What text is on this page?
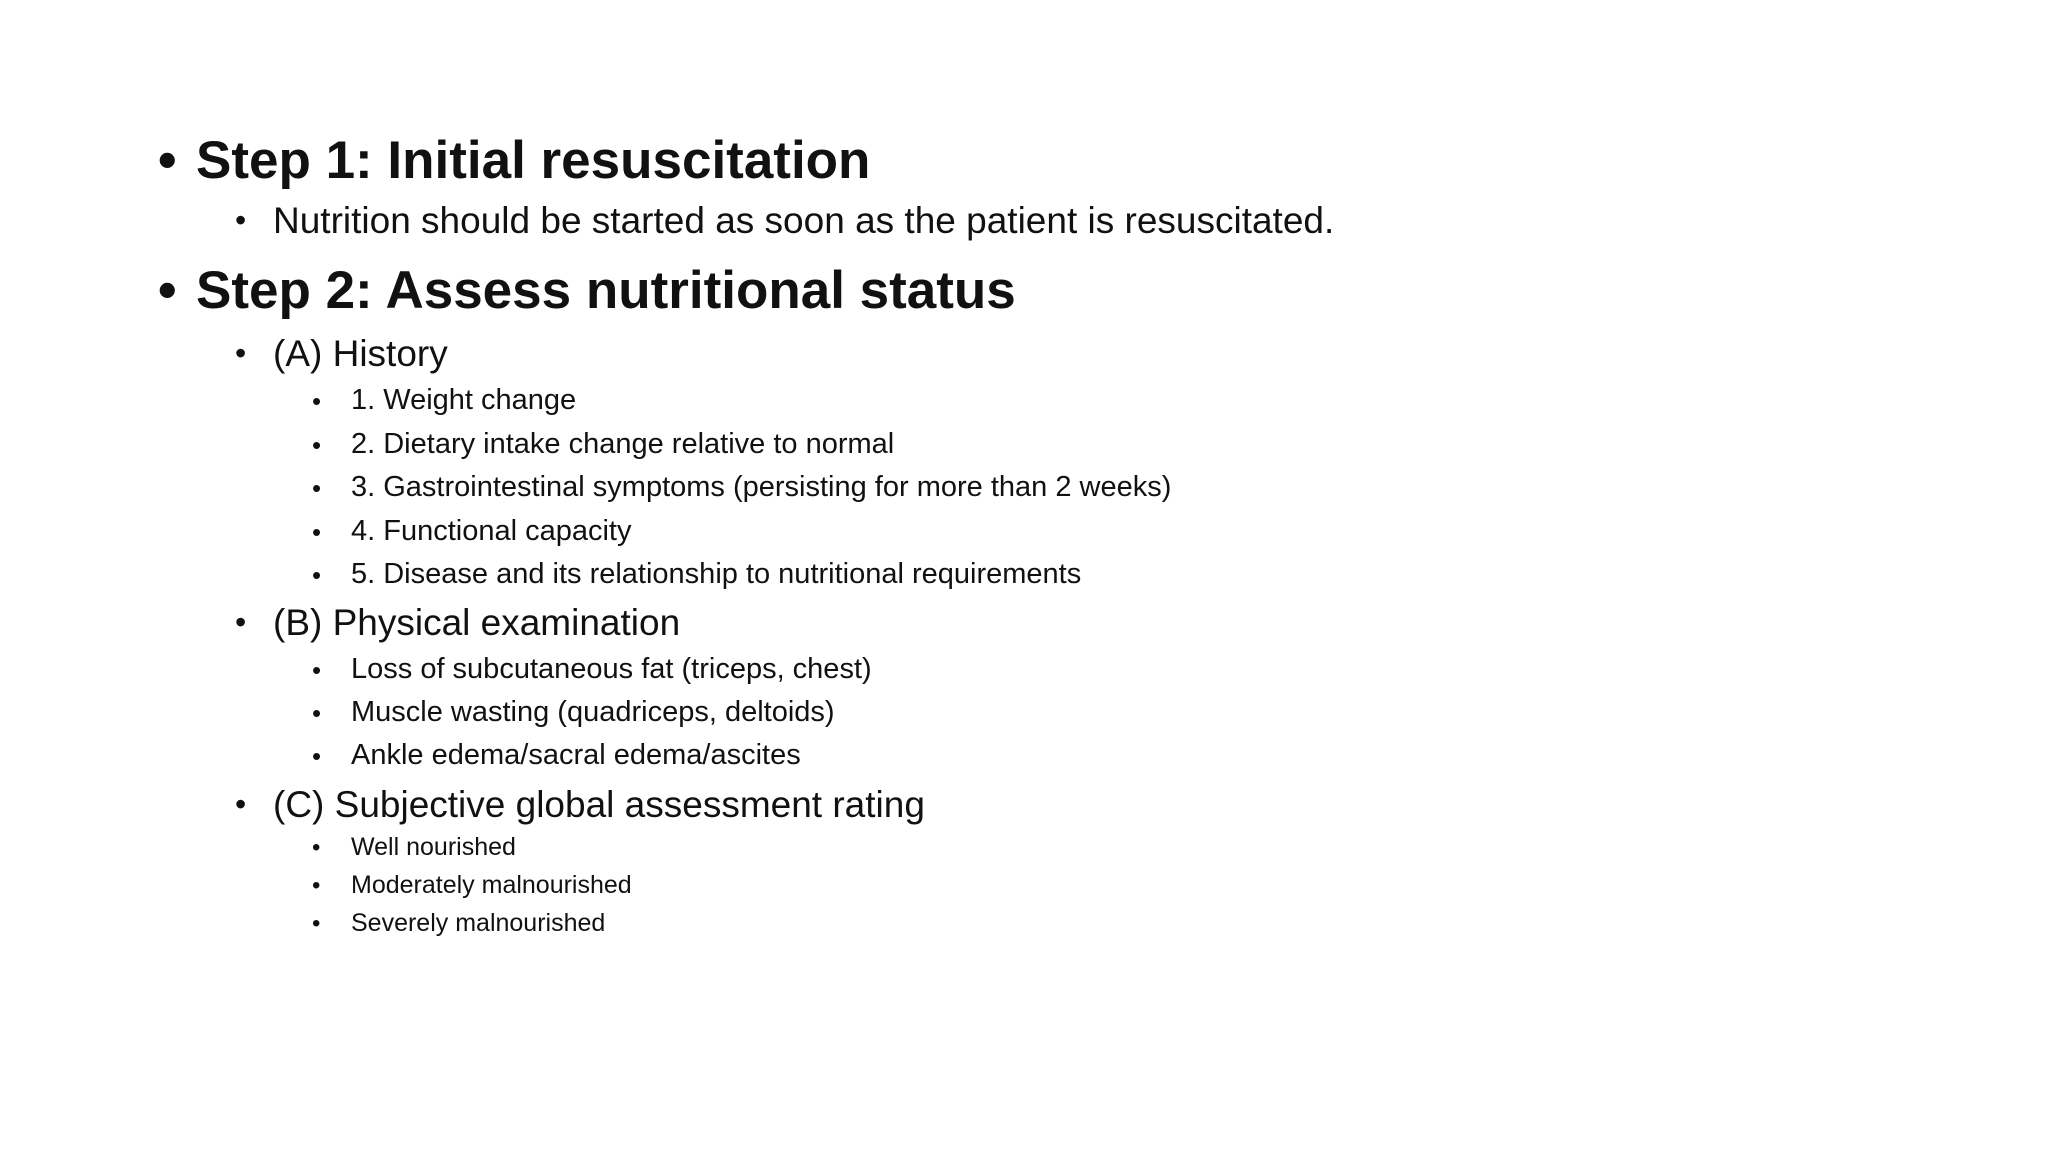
• Step 1: Initial resuscitation
• Nutrition should be started as soon as the patient is resuscitated.
• Step 2: Assess nutritional status
• (A) History
• 1. Weight change
• 2. Dietary intake change relative to normal
• 3. Gastrointestinal symptoms (persisting for more than 2 weeks)
• 4. Functional capacity
• 5. Disease and its relationship to nutritional requirements
• (B) Physical examination
• Loss of subcutaneous fat (triceps, chest)
• Muscle wasting (quadriceps, deltoids)
• Ankle edema/sacral edema/ascites
• (C) Subjective global assessment rating
• Well nourished
• Moderately malnourished
• Severely malnourished
